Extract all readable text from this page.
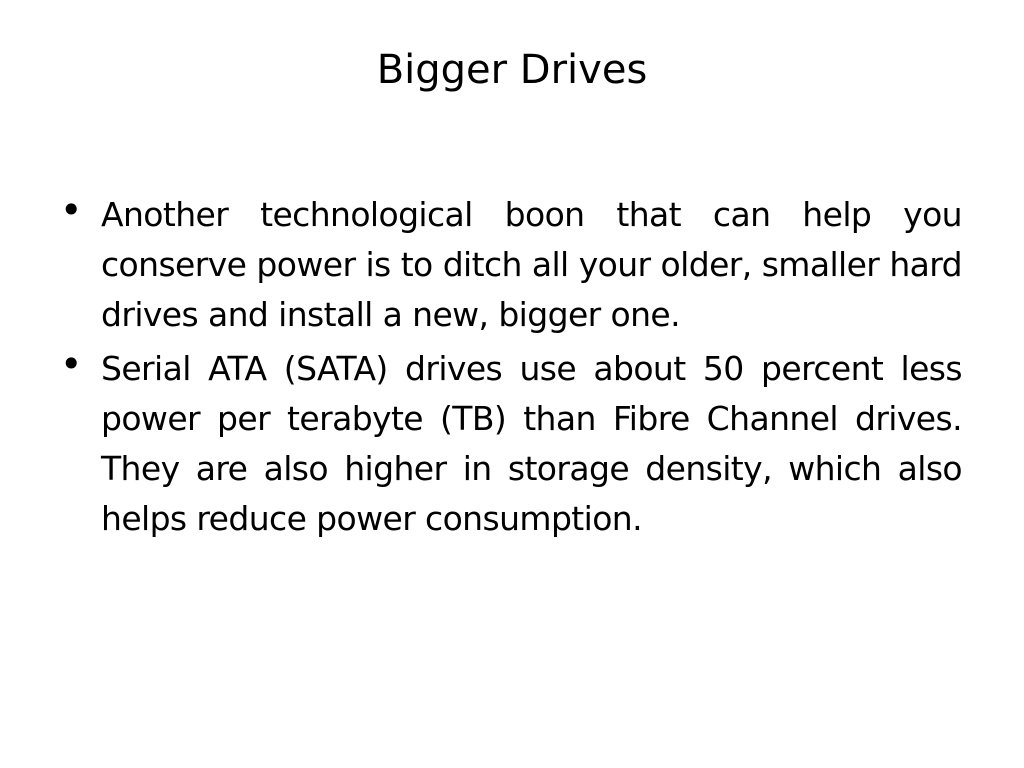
Bigger Drives
• Another technological boon that can help you conserve power is to ditch all your older, smaller hard drives and install a new, bigger one.
• Serial ATA (SATA) drives use about 50 percent less power per terabyte (TB) than Fibre Channel drives. They are also higher in storage density, which also helps reduce power consumption.
